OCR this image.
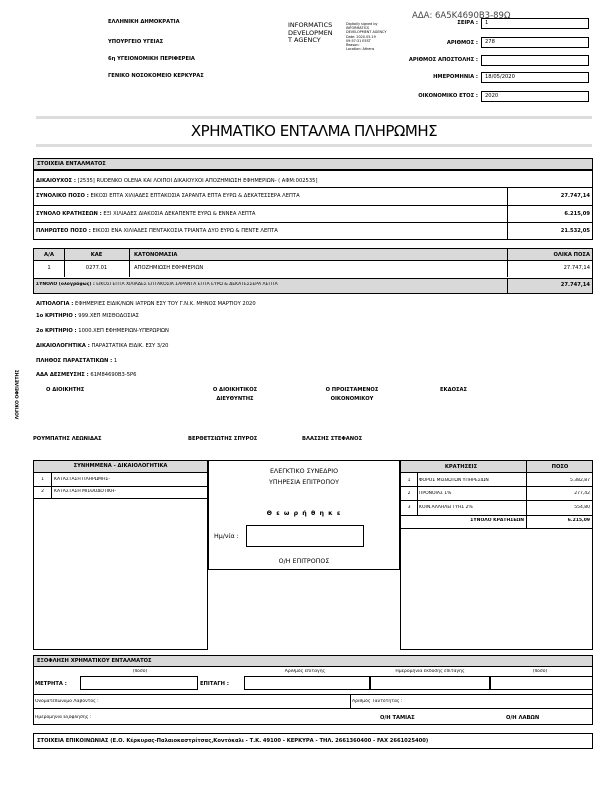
ΑΔΑ: 6Α5Κ4690Β3-89Ω
ΕΛΛΗΝΙΚΗ ΔΗΜΟΚΡΑΤΙΑ
ΥΠΟΥΡΓΕΙΟ ΥΓΕΙΑΣ
6η ΥΓΕΙΟΝΟΜΙΚΗ ΠΕΡΙΦΕΡΕΙΑ
ΓΕΝΙΚΟ ΝΟΣΟΚΟΜΕΙΟ ΚΕΡΚΥΡΑΣ
INFORMATICS
DEVELOPMEN
T AGENCY
Digitally signed by
INFORMATICS
DEVELOPMENT AGENCY
Date: 2020.05.19
09:57:31 EEST
Reason:
Location: Athens
ΣΕΙΡΑ :	1
ΑΡΙΘΜΟΣ :	278
ΑΡΙΘΜΟΣ ΑΠΟΣΤΟΛΗΣ :
ΗΜΕΡΟΜΗΝΙΑ :	18/05/2020
ΟΙΚΟΝΟΜΙΚΟ ΕΤΟΣ :	2020
ΧΡΗΜΑΤΙΚΟ ΕΝΤΑΛΜΑ ΠΛΗΡΩΜΗΣ
ΣΤΟΙΧΕΙΑ ΕΝΤΑΛΜΑΤΟΣ
ΔΙΚΑΙΟΥΧΟΣ : [2535] RUDENKO OLENA ΚΑΙ ΛΟΙΠΟΙ ΔΙΚΑΙΟΥΧΟΙ ΑΠΟΖΗΜΙΩΣΗ ΕΦΗΜΕΡΙΩΝ- ( ΑΦΜ:002535]
ΣΥΝΟΛΙΚΟ ΠΟΣΟ : ΕΙΚΟΣΙ ΕΠΤΑ ΧΙΛΙΑΔΕΣ ΕΠΤΑΚΟΣΙΑ ΣΑΡΑΝΤΑ ΕΠΤΑ ΕΥΡΩ & ΔΕΚΑΤΕΣΣΕΡΑ ΛΕΠΤΑ	27.747,14
ΣΥΝΟΛΟ ΚΡΑΤΗΣΕΩΝ : ΕΞΙ ΧΙΛΙΑΔΕΣ ΔΙΑΚΟΣΙΑ ΔΕΚΑΠΕΝΤΕ ΕΥΡΩ & ΕΝΝΕΑ ΛΕΠΤΑ	6.215,09
ΠΛΗΡΩΤΕΟ ΠΟΣΟ : ΕΙΚΟΣΙ ΕΝΑ ΧΙΛΙΑΔΕΣ ΠΕΝΤΑΚΟΣΙΑ ΤΡΙΑΝΤΑ ΔΥΟ ΕΥΡΩ & ΠΕΝΤΕ ΛΕΠΤΑ	21.532,05
Α/Α	ΚΑΕ	ΚΑΤΟΝΟΜΑΣΙΑ	ΟΛΙΚΑ ΠΟΣΑ
1	0277.01	ΑΠΟΖΗΜΙΩΣΗ ΕΦΗΜΕΡΙΩΝ	27.747,14
ΣΥΝΟΛΟ (ολογράφως) : ΕΙΚΟΣΙ ΕΠΤΑ ΧΙΛΙΑΔΕΣ ΕΠΤΑΚΟΣΙΑ ΣΑΡΑΝΤΑ ΕΠΤΑ ΕΥΡΩ & ΔΕΚΑΤΕΣΣΕΡΑ ΛΕΠΤΑ	27.747,14
ΑΙΤΙΟΛΟΓΙΑ : ΕΦΗΜΕΡΙΕΣ ΕΙΔΙΚ/ΝΩΝ ΙΑΤΡΩΝ ΕΣΥ ΤΟΥ Γ.Ν.Κ. ΜΗΝΟΣ ΜΑΡΤΙΟΥ 2020
1ο ΚΡΙΤΗΡΙΟ : 999.ΧΕΠ ΜΙΣΘΟΔΟΣΙΑΣ
2ο ΚΡΙΤΗΡΙΟ : 1000.ΧΕΠ ΕΦΗΜΕΡΙΩΝ-ΥΠΕΡΩΡΙΩΝ
ΔΙΚΑΙΟΛΟΓΗΤΙΚΑ : ΠΑΡΑΣΤΑΤΙΚΑ ΕΙΔΙΚ. ΕΣΥ 3/20
ΠΛΗΘΟΣ ΠΑΡΑΣΤΑΤΙΚΩΝ : 1
ΑΔΑ ΔΕΣΜΕΥΣΗΣ : 61Μ84690Β3-5Ρ6
ΛΟΓΙΚΟ ΟΦΕΙΛΕΤΗΣ	Ο ΔΙΟΙΚΗΤΗΣ	Ο ΔΙΟΙΚΗΤΙΚΟΣ
ΔΙΕΥΘΥΝΤΗΣ
Ο ΠΡΟΙΣΤΑΜΕΝΟΣ
ΟΙΚΟΝΟΜΙΚΟΥ
ΕΚΔΟΣΑΣ
ΡΟΥΜΠΑΤΗΣ ΛΕΩΝΙΔΑΣ	ΒΕΡΘΕΤΣΙΩΤΗΣ ΣΠΥΡΟΣ	ΒΛΑΣΣΗΣ ΣΤΕΦΑΝΟΣ
ΣΥΝΗΜΜΕΝΑ - ΔΙΚΑΙΟΛΟΓΗΤΙΚΑ
1	ΚΑΤΑΣΤΑΣΗ ΠΛΗΡΩΜΗΣ-
2	ΚΑΤΑΣΤΑΣΗ ΜΙΣΘΟΔΟΤΙΚΗ-
ΕΛΕΓΚΤΙΚΟ ΣΥΝΕΔΡΙΟ
ΥΠΗΡΕΣΙΑ ΕΠΙΤΡΟΠΟΥ
Θ ε ω ρ ή θ η κ ε
Ημ/νία :
Ο/Η ΕΠΙΤΡΟΠΟΣ
ΚΡΑΤΗΣΕΙΣ	ΠΟΣΟ
1	ΦΟΡΟΣ ΜΙΣΘΩΤΩΝ ΥΠΗΡΕΣΙΩΝ	5.382,87
2	ΠΡΟΝΟΙΑΣ 1%	277,42
3	ΚΟΙΝ.ΑΛΛΗΛΕΓΓΥΗΣ 2%	554,80
ΣΥΝΟΛΟ ΚΡΑΤΗΣΕΩΝ	6.215,09
ΕΞΟΦΛΗΣΗ ΧΡΗΜΑΤΙΚΟΥ ΕΝΤΑΛΜΑΤΟΣ
(ποσό)
ΜΕΤΡΗΤΑ :
Αριθμός επιταγής
ΕΠΙΤΑΓΗ :
Ημερομηνία έκδοσης επιταγής	(ποσό)
Ονοματεπώνυμο Λαβόντος :	Αριθμός Ταυτότητας :
Ημερομηνία Εξόφλησης :	Ο/Η ΤΑΜΙΑΣ	Ο/Η ΛΑΒΩΝ
ΣΤΟΙΧΕΙΑ ΕΠΙΚΟΙΝΩΝΙΑΣ (Ε.Ο. Κέρκυρας-Παλαιοκαστρίτσας,Κοντόκαλι - Τ.Κ. 49100 - ΚΕΡΚΥΡΑ - ΤΗΛ. 2661360400 - FAX 2661025400)
